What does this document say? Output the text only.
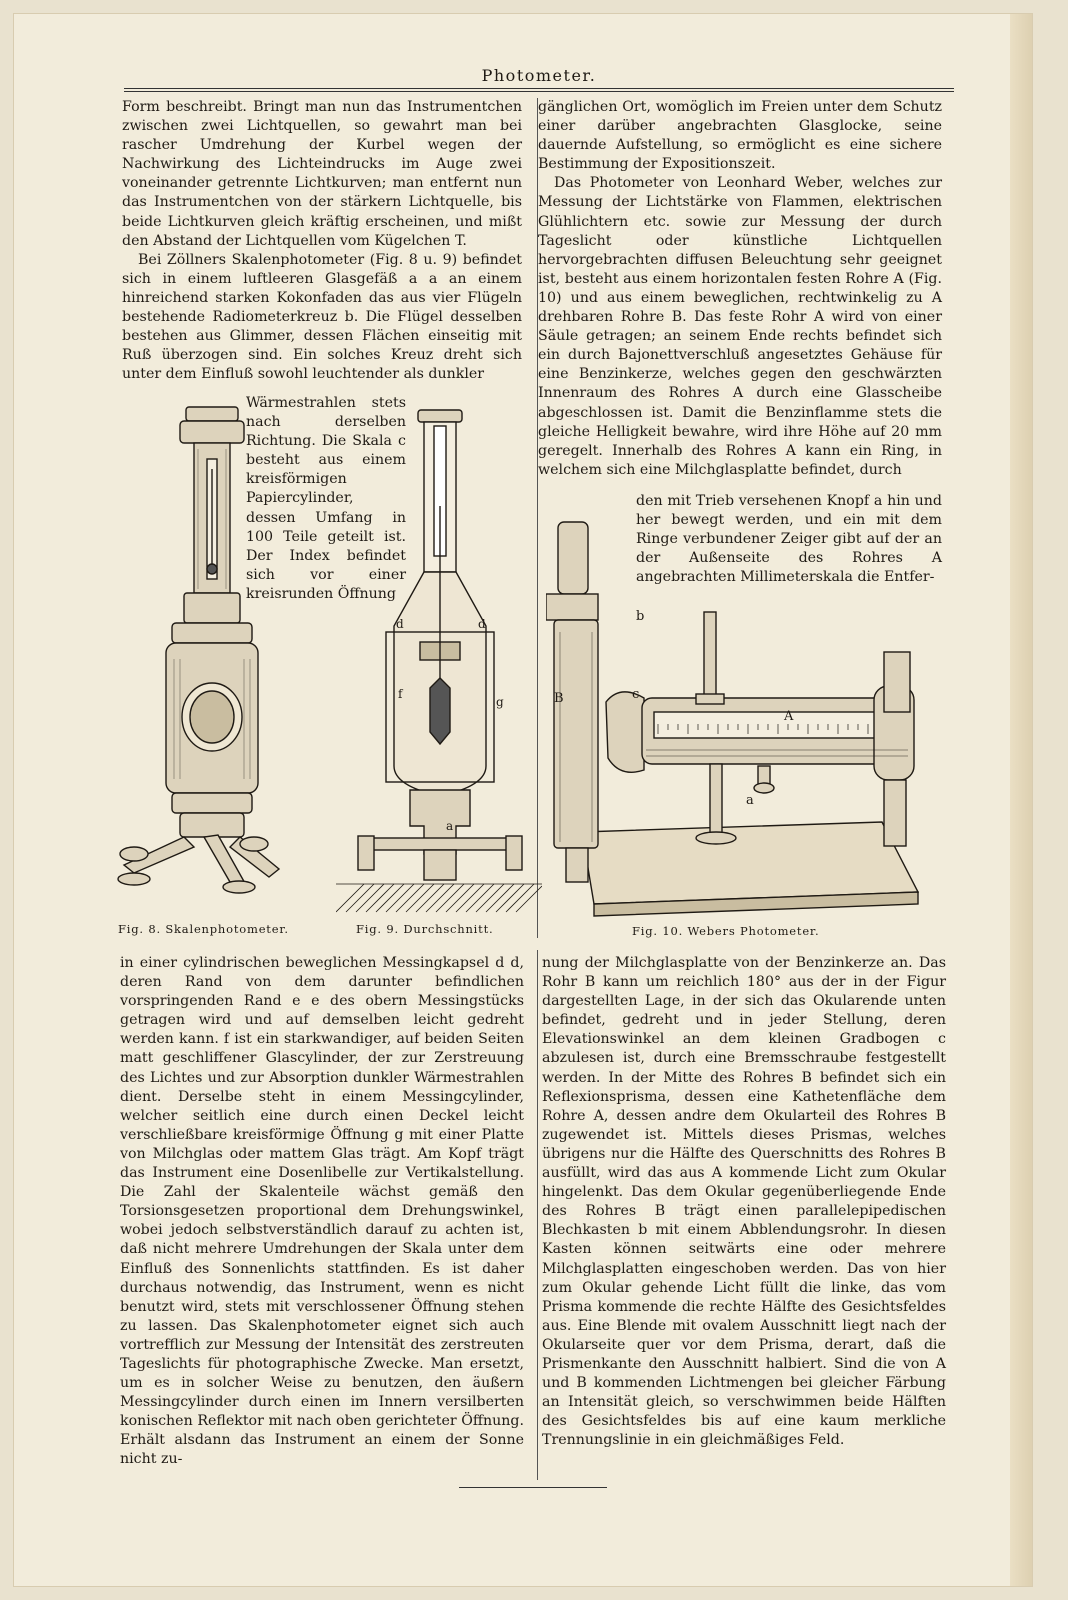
Photometer.

Form beschreibt. Bringt man nun das Instrumentchen zwischen zwei Lichtquellen, so gewahrt man bei rascher Umdrehung der Kurbel wegen der Nachwirkung des Lichteindrucks im Auge zwei voneinander getrennte Lichtkurven; man entfernt nun das Instrumentchen von der stärkern Lichtquelle, bis beide Lichtkurven gleich kräftig erscheinen, und mißt den Abstand der Lichtquellen vom Kügelchen T.

Bei Zöllners Skalenphotometer (Fig. 8 u. 9) befindet sich in einem luftleeren Glasgefäß a a an einem hinreichend starken Kokonfaden das aus vier Flügeln bestehende Radiometerkreuz b. Die Flügel desselben bestehen aus Glimmer, dessen Flächen einseitig mit Ruß überzogen sind. Ein solches Kreuz dreht sich unter dem Einfluß sowohl leuchtender als dunkler

Wärmestrahlen stets nach derselben Richtung. Die Skala c besteht aus einem kreisförmigen Papiercylinder, dessen Umfang in 100 Teile geteilt ist. Der Index befindet sich vor einer kreisrunden Öffnung

gänglichen Ort, womöglich im Freien unter dem Schutz einer darüber angebrachten Glasglocke, seine dauernde Aufstellung, so ermöglicht es eine sichere Bestimmung der Expositionszeit.

Das Photometer von Leonhard Weber, welches zur Messung der Lichtstärke von Flammen, elektrischen Glühlichtern etc. sowie zur Messung der durch Tageslicht oder künstliche Lichtquellen hervorgebrachten diffusen Beleuchtung sehr geeignet ist, besteht aus einem horizontalen festen Rohre A (Fig. 10) und aus einem beweglichen, rechtwinkelig zu A drehbaren Rohre B. Das feste Rohr A wird von einer Säule getragen; an seinem Ende rechts befindet sich ein durch Bajonettverschluß angesetztes Gehäuse für eine Benzinkerze, welches gegen den geschwärzten Innenraum des Rohres A durch eine Glasscheibe abgeschlossen ist. Damit die Benzinflamme stets die gleiche Helligkeit bewahre, wird ihre Höhe auf 20 mm geregelt. Innerhalb des Rohres A kann ein Ring, in welchem sich eine Milchglasplatte befindet, durch

den mit Trieb versehenen Knopf a hin und her bewegt werden, und ein mit dem Ringe verbundener Zeiger gibt auf der an der Außenseite des Rohres A angebrachten Millimeterskala die Entfer-

d	d
f
g
a
B
b
c
A
a
Fig. 8. Skalenphotometer.	Fig. 9. Durchschnitt.	Fig. 10. Webers Photometer.

in einer cylindrischen beweglichen Messingkapsel d d, deren Rand von dem darunter befindlichen vorspringenden Rand e e des obern Messingstücks getragen wird und auf demselben leicht gedreht werden kann. f ist ein starkwandiger, auf beiden Seiten matt geschliffener Glascylinder, der zur Zerstreuung des Lichtes und zur Absorption dunkler Wärmestrahlen dient. Derselbe steht in einem Messingcylinder, welcher seitlich eine durch einen Deckel leicht verschließbare kreisförmige Öffnung g mit einer Platte von Milchglas oder mattem Glas trägt. Am Kopf trägt das Instrument eine Dosenlibelle zur Vertikalstellung. Die Zahl der Skalenteile wächst gemäß den Torsionsgesetzen proportional dem Drehungswinkel, wobei jedoch selbstverständlich darauf zu achten ist, daß nicht mehrere Umdrehungen der Skala unter dem Einfluß des Sonnenlichts stattfinden. Es ist daher durchaus notwendig, das Instrument, wenn es nicht benutzt wird, stets mit verschlossener Öffnung stehen zu lassen. Das Skalenphotometer eignet sich auch vortrefflich zur Messung der Intensität des zerstreuten Tageslichts für photographische Zwecke. Man ersetzt, um es in solcher Weise zu benutzen, den äußern Messingcylinder durch einen im Innern versilberten konischen Reflektor mit nach oben gerichteter Öffnung. Erhält alsdann das Instrument an einem der Sonne nicht zu-

nung der Milchglasplatte von der Benzinkerze an. Das Rohr B kann um reichlich 180° aus der in der Figur dargestellten Lage, in der sich das Okularende unten befindet, gedreht und in jeder Stellung, deren Elevationswinkel an dem kleinen Gradbogen c abzulesen ist, durch eine Bremsschraube festgestellt werden. In der Mitte des Rohres B befindet sich ein Reflexionsprisma, dessen eine Kathetenfläche dem Rohre A, dessen andre dem Okularteil des Rohres B zugewendet ist. Mittels dieses Prismas, welches übrigens nur die Hälfte des Querschnitts des Rohres B ausfüllt, wird das aus A kommende Licht zum Okular hingelenkt. Das dem Okular gegenüberliegende Ende des Rohres B trägt einen parallelepipedischen Blechkasten b mit einem Abblendungsrohr. In diesen Kasten können seitwärts eine oder mehrere Milchglasplatten eingeschoben werden. Das von hier zum Okular gehende Licht füllt die linke, das vom Prisma kommende die rechte Hälfte des Gesichtsfeldes aus. Eine Blende mit ovalem Ausschnitt liegt nach der Okularseite quer vor dem Prisma, derart, daß die Prismenkante den Ausschnitt halbiert. Sind die von A und B kommenden Lichtmengen bei gleicher Färbung an Intensität gleich, so verschwimmen beide Hälften des Gesichtsfeldes bis auf eine kaum merkliche Trennungslinie in ein gleichmäßiges Feld.
